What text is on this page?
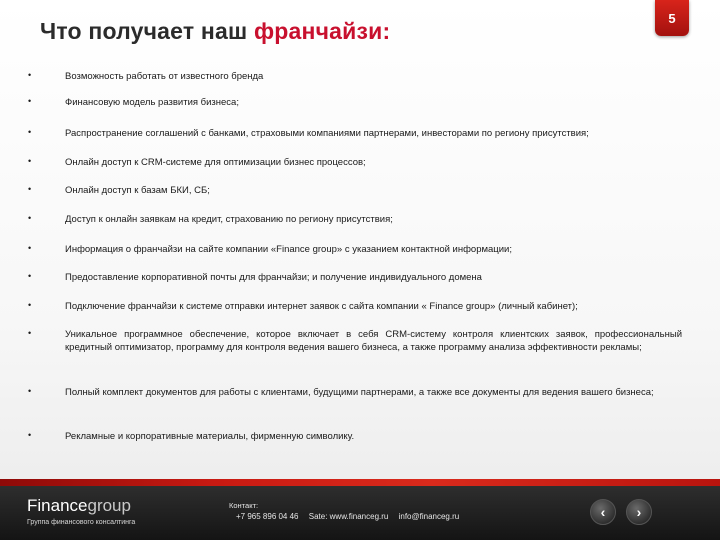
Что получает наш франчайзи:	5
•	Возможность работать от известного бренда
•	Финансовую модель развития бизнеса;
•	Распространение соглашений с банками, страховыми компаниями партнерами, инвесторами по региону присутствия;
•	Онлайн доступ к CRM-системе для оптимизации бизнес процессов;
•	Онлайн доступ к базам БКИ, СБ;
•	Доступ к онлайн заявкам на кредит, страхованию по региону присутствия;
•	Информация о франчайзи на сайте компании «Finance group» с указанием контактной информации;
•	Предоставление корпоративной почты для франчайзи; и получение индивидуального домена
•	Подключение франчайзи к системе отправки интернет заявок с сайта компании « Finance group» (личный кабинет);
•	Уникальное программное обеспечение, которое включает в себя CRM-систему контроля клиентских заявок, профессиональный кредитный оптимизатор, программу для контроля ведения вашего бизнеса, а также программу анализа эффективности рекламы;
•	Полный комплект документов для работы с клиентами, будущими партнерами, а также все документы для ведения вашего бизнеса;
•	Рекламные и корпоративные материалы, фирменную символику.
Financegroup
Группа финансового консалтинга
Контакт:
+7 965 896 04 46 Sate: www.financeg.ru info@financeg.ru	‹ ›
